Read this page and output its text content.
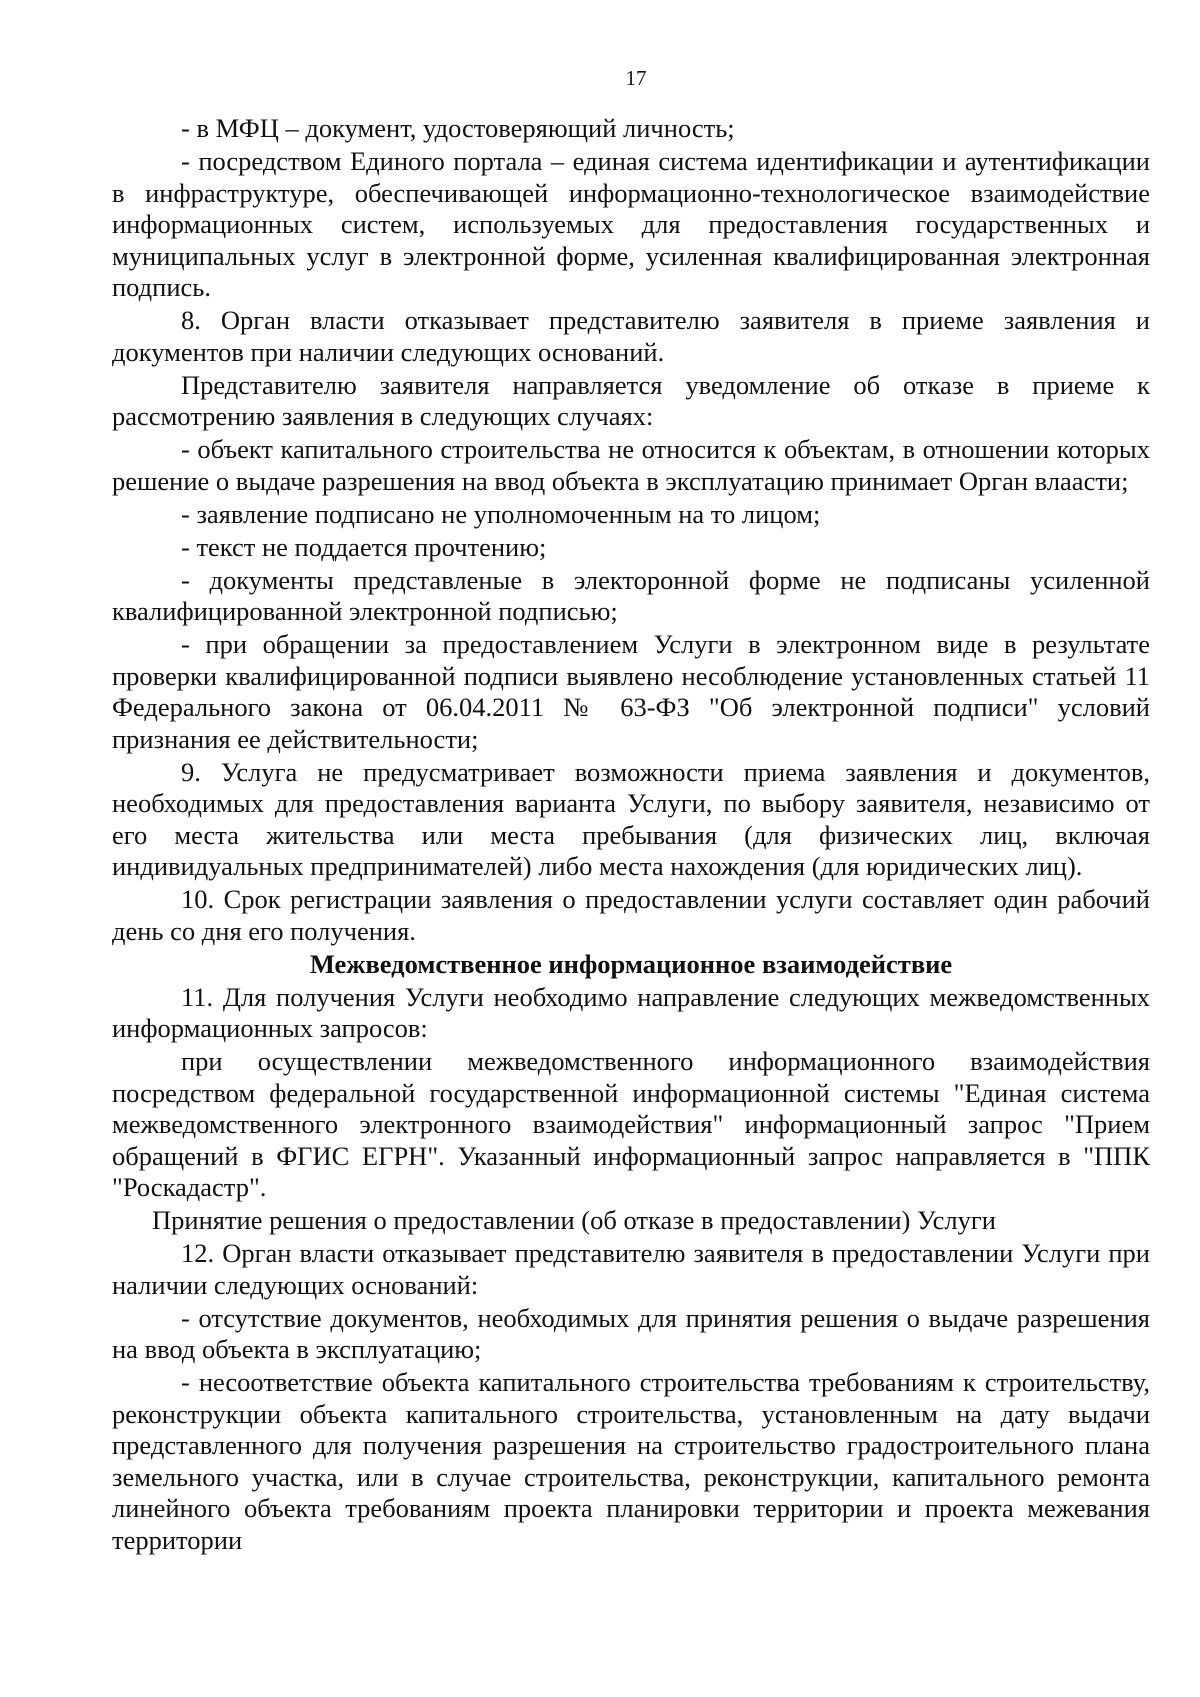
17

- в МФЦ – документ, удостоверяющий личность;

- посредством Единого портала – единая система идентификации и аутентификации в инфраструктуре, обеспечивающей информационно-технологическое взаимодействие информационных систем, используемых для предоставления государственных и муниципальных услуг в электронной форме, усиленная квалифицированная электронная подпись.

8. Орган власти отказывает представителю заявителя в приеме заявления и документов при наличии следующих оснований.

Представителю заявителя направляется уведомление об отказе в приеме к рассмотрению заявления в следующих случаях:

- объект капитального строительства не относится к объектам, в отношении которых решение о выдаче разрешения на ввод объекта в эксплуатацию принимает Орган влаасти;

- заявление подписано не уполномоченным на то лицом;

- текст не поддается прочтению;

- документы представленые в электоронной форме не подписаны усиленной квалифицированной электронной подписью;

- при обращении за предоставлением Услуги в электронном виде в результате проверки квалифицированной подписи выявлено несоблюдение установленных статьей 11 Федерального закона от 06.04.2011 № 63-ФЗ "Об электронной подписи" условий признания ее действительности;

9. Услуга не предусматривает возможности приема заявления и документов, необходимых для предоставления варианта Услуги, по выбору заявителя, независимо от его места жительства или места пребывания (для физических лиц, включая индивидуальных предпринимателей) либо места нахождения (для юридических лиц).

10. Срок регистрации заявления о предоставлении услуги составляет один рабочий день со дня его получения.

Межведомственное информационное взаимодействие

11. Для получения Услуги необходимо направление следующих межведомственных информационных запросов:

при осуществлении межведомственного информационного взаимодействия посредством федеральной государственной информационной системы "Единая система межведомственного электронного взаимодействия" информационный запрос "Прием обращений в ФГИС ЕГРН". Указанный информационный запрос направляется в "ППК "Роскадастр".

Принятие решения о предоставлении (об отказе в предоставлении) Услуги

12. Орган власти отказывает представителю заявителя в предоставлении Услуги при наличии следующих оснований:

- отсутствие документов, необходимых для принятия решения о выдаче разрешения на ввод объекта в эксплуатацию;

- несоответствие объекта капитального строительства требованиям к строительству, реконструкции объекта капитального строительства, установленным на дату выдачи представленного для получения разрешения на строительство градостроительного плана земельного участка, или в случае строительства, реконструкции, капитального ремонта линейного объекта требованиям проекта планировки территории и проекта межевания территории
